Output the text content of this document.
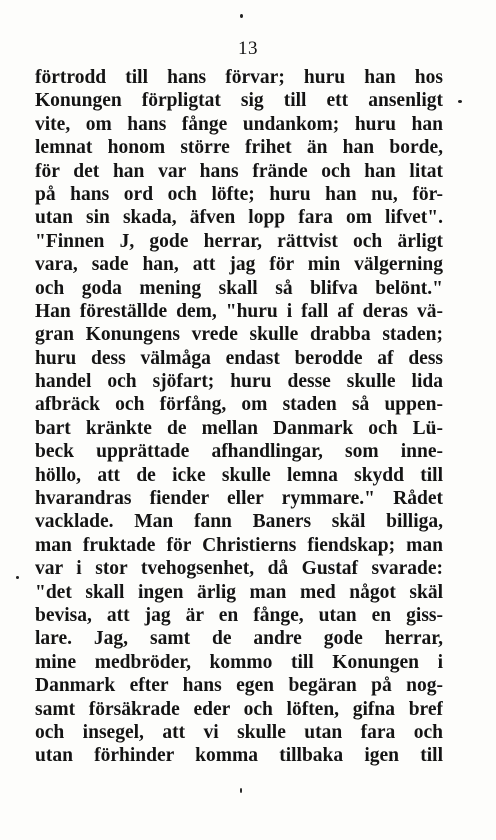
13
förtrodd till hans förvar; huru han hos
Konungen förpligtat sig till ett ansenligt
vite, om hans fånge undankom; huru han
lemnat honom större frihet än han borde,
för det han var hans frände och han litat
på hans ord och löfte; huru han nu, för-
utan sin skada, äfven lopp fara om lifvet".
"Finnen J, gode herrar, rättvist och ärligt
vara, sade han, att jag för min välgerning
och goda mening skall så blifva belönt."
Han föreställde dem, "huru i fall af deras vä-
gran Konungens vrede skulle drabba staden;
huru dess välmåga endast berodde af dess
handel och sjöfart; huru desse skulle lida
afbräck och förfång, om staden så uppen-
bart kränkte de mellan Danmark och Lü-
beck upprättade afhandlingar, som inne-
höllo, att de icke skulle lemna skydd till
hvarandras fiender eller rymmare." Rådet
vacklade. Man fann Baners skäl billiga,
man fruktade för Christierns fiendskap; man
var i stor tvehogsenhet, då Gustaf svarade:
"det skall ingen ärlig man med något skäl
bevisa, att jag är en fånge, utan en giss-
lare. Jag, samt de andre gode herrar,
mine medbröder, kommo till Konungen i
Danmark efter hans egen begäran på nog-
samt försäkrade eder och löften, gifna bref
och insegel, att vi skulle utan fara och
utan förhinder komma tillbaka igen till
